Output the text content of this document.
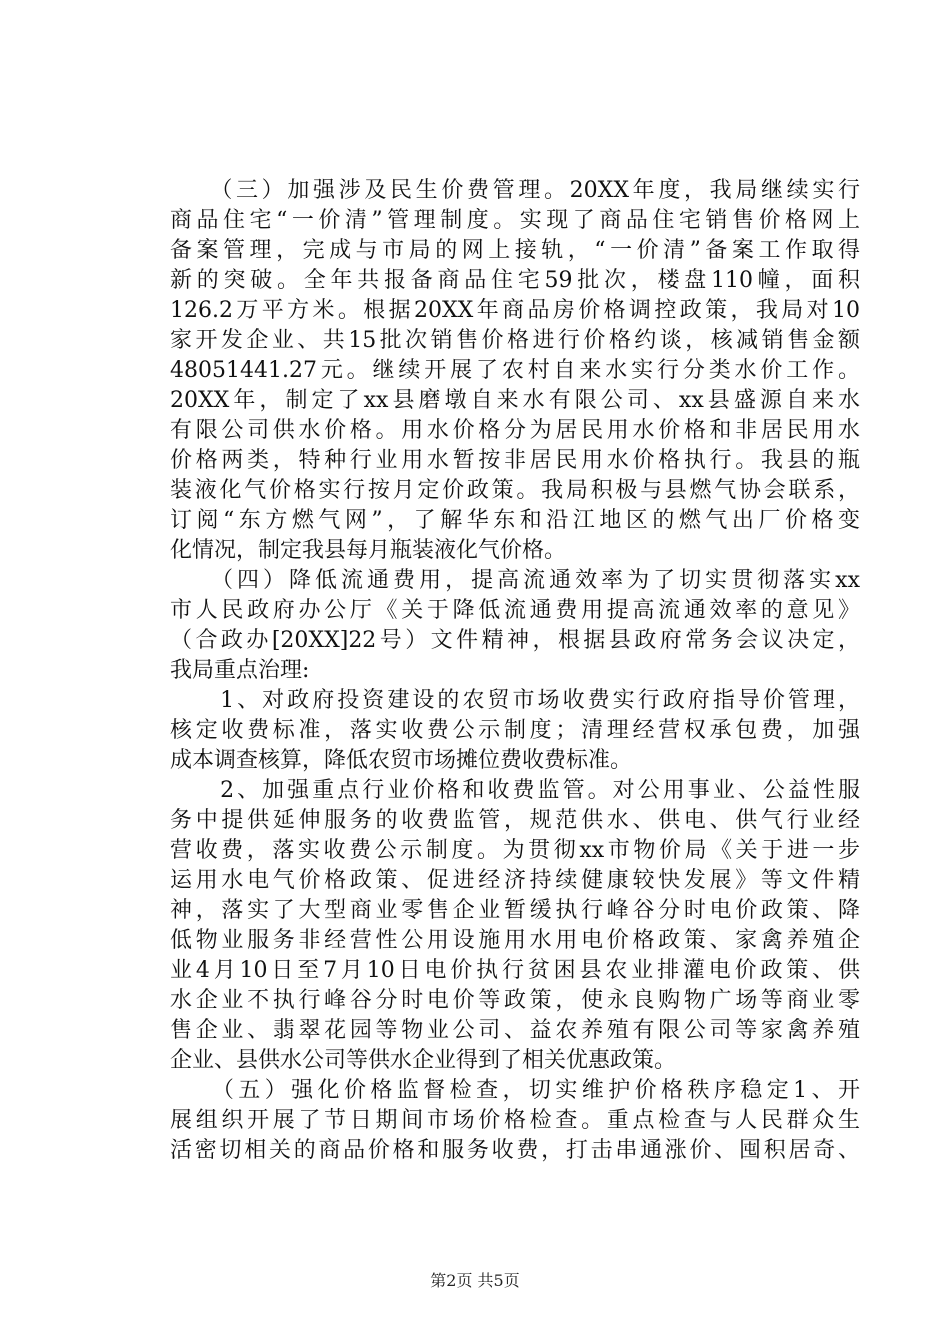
　　（三）加强涉及民生价费管理。20XX年度，我局继续实行
商品住宅“一价清”管理制度。实现了商品住宅销售价格网上
备案管理，完成与市局的网上接轨，“一价清”备案工作取得
新的突破。全年共报备商品住宅59批次，楼盘110幢，面积
126.2万平方米。根据20XX年商品房价格调控政策，我局对10
家开发企业、共15批次销售价格进行价格约谈，核减销售金额
48051441.27元。继续开展了农村自来水实行分类水价工作。
20XX年，制定了xx县磨墩自来水有限公司、xx县盛源自来水
有限公司供水价格。用水价格分为居民用水价格和非居民用水
价格两类，特种行业用水暂按非居民用水价格执行。我县的瓶
装液化气价格实行按月定价政策。我局积极与县燃气协会联系，
订阅“东方燃气网”，了解华东和沿江地区的燃气出厂价格变
化情况，制定我县每月瓶装液化气价格。
　　（四）降低流通费用，提高流通效率为了切实贯彻落实xx
市人民政府办公厅《关于降低流通费用提高流通效率的意见》
（合政办[20XX]22号）文件精神，根据县政府常务会议决定，
我局重点治理:
　　1、对政府投资建设的农贸市场收费实行政府指导价管理，
核定收费标准，落实收费公示制度；清理经营权承包费，加强
成本调查核算，降低农贸市场摊位费收费标准。
　　2、加强重点行业价格和收费监管。对公用事业、公益性服
务中提供延伸服务的收费监管，规范供水、供电、供气行业经
营收费，落实收费公示制度。为贯彻xx市物价局《关于进一步
运用水电气价格政策、促进经济持续健康较快发展》等文件精
神，落实了大型商业零售企业暂缓执行峰谷分时电价政策、降
低物业服务非经营性公用设施用水用电价格政策、家禽养殖企
业4月10日至7月10日电价执行贫困县农业排灌电价政策、供
水企业不执行峰谷分时电价等政策，使永良购物广场等商业零
售企业、翡翠花园等物业公司、益农养殖有限公司等家禽养殖
企业、县供水公司等供水企业得到了相关优惠政策。
　　（五）强化价格监督检查，切实维护价格秩序稳定1、开
展组织开展了节日期间市场价格检查。重点检查与人民群众生
活密切相关的商品价格和服务收费，打击串通涨价、囤积居奇、
第2页 共5页
